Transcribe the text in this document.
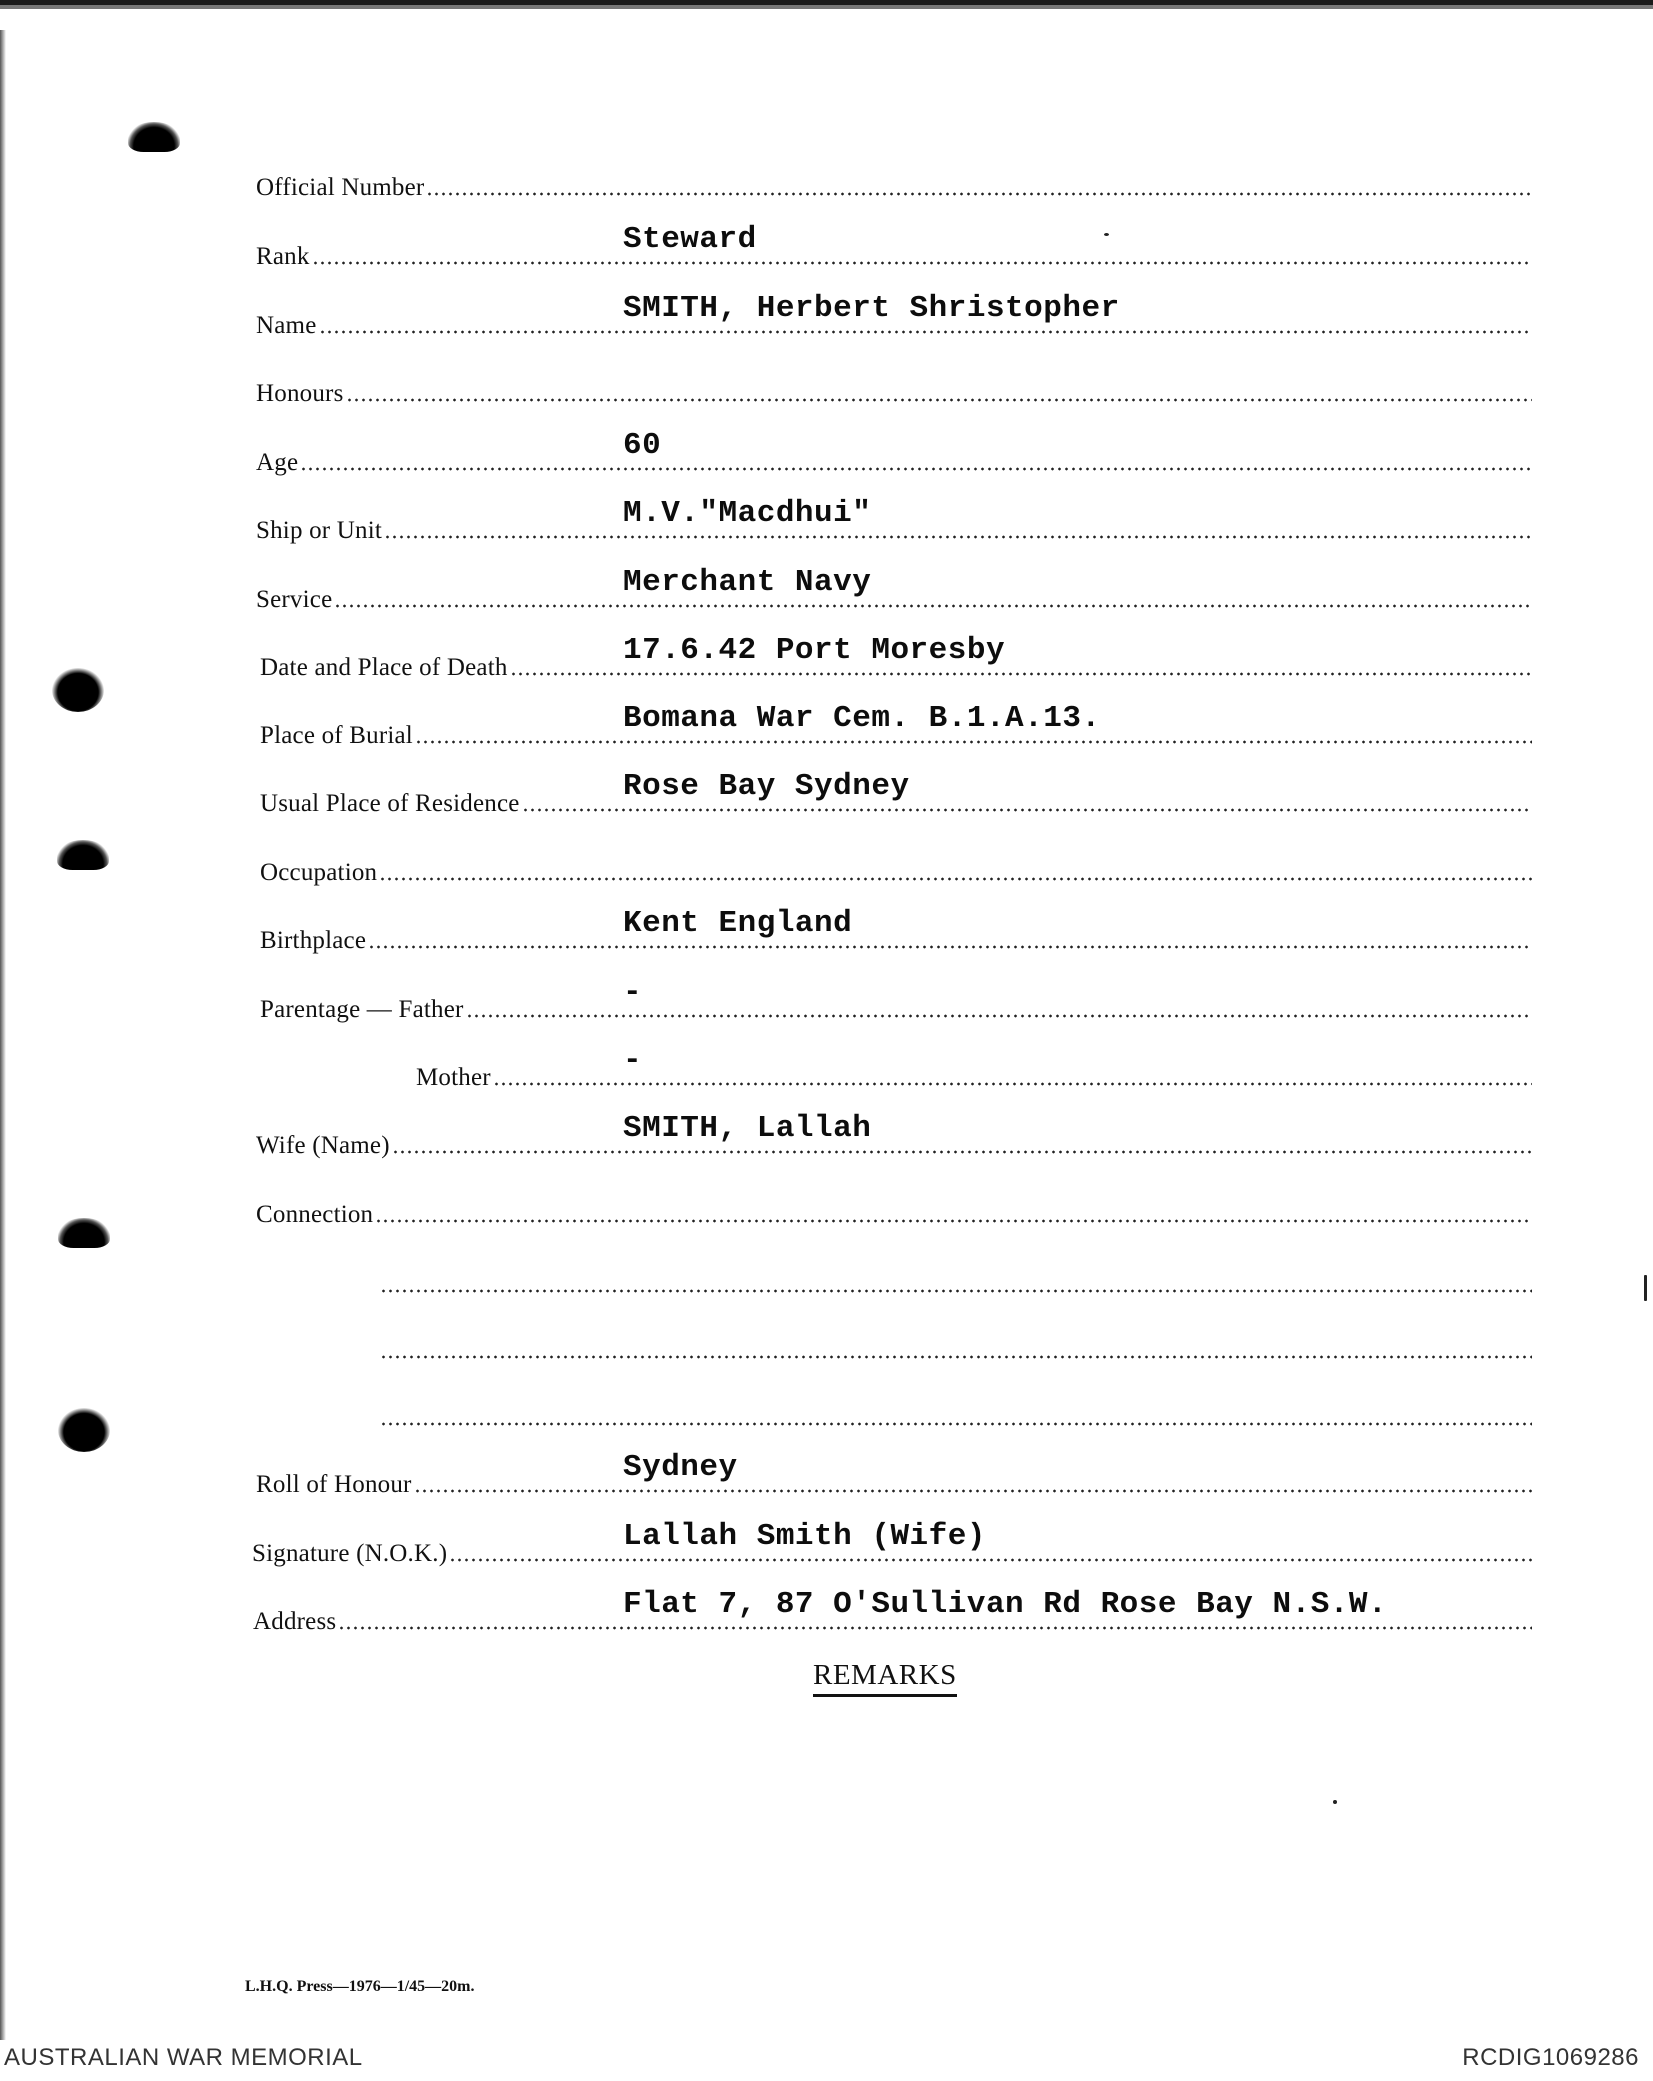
Official Number
Rank	Steward
Name	SMITH, Herbert Shristopher
Honours
Age	60
Ship or Unit	M.V."Macdhui"
Service	Merchant Navy
Date and Place of Death	17.6.42 Port Moresby
Place of Burial	Bomana War Cem. B.1.A.13.
Usual Place of Residence	Rose Bay Sydney
Occupation
Birthplace	Kent England
Parentage — Father	-
Mother	-
Wife (Name)	SMITH, Lallah
Connection
Roll of Honour	Sydney
Signature (N.O.K.)	Lallah Smith (Wife)
Address	Flat 7, 87 O'Sullivan Rd Rose Bay N.S.W.
REMARKS
L.H.Q. Press—1976—1/45—20m.
AUSTRALIAN WAR MEMORIAL	RCDIG1069286
